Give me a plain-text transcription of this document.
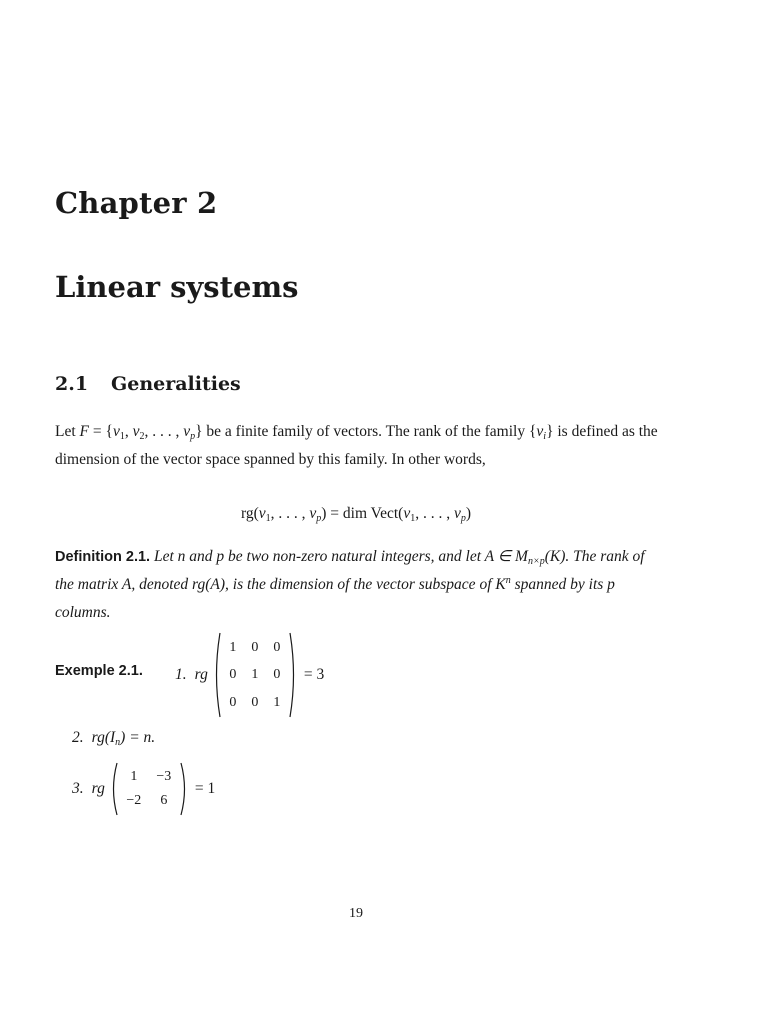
Chapter 2
Linear systems
2.1 Generalities
Let $F = \{v_1$, $v_2$, . . . , $v_p$} be a finite family of vectors. The rank of the family $\{v_i\}$ is defined as the dimension of the vector space spanned by this family. In other words,
$rg(v_1$, . . . , $v_p$) = dim $Vect(v_1$, . . . , $v_p$)
Definition 2.1. Let n and p be two non-zero natural integers, and let A ∈ $M_{n\times p}(K)$. The rank of the matrix A, denoted rg(A), is the dimension of the vector subspace of $K^n$ spanned by its p columns.
Exemple 2.1. 1. rg
1	0	0
0	1	0
0	0	1
= 3
2. $rg(I_n) = n$.
3. rg
1	−3
−2	6
= 1
19
